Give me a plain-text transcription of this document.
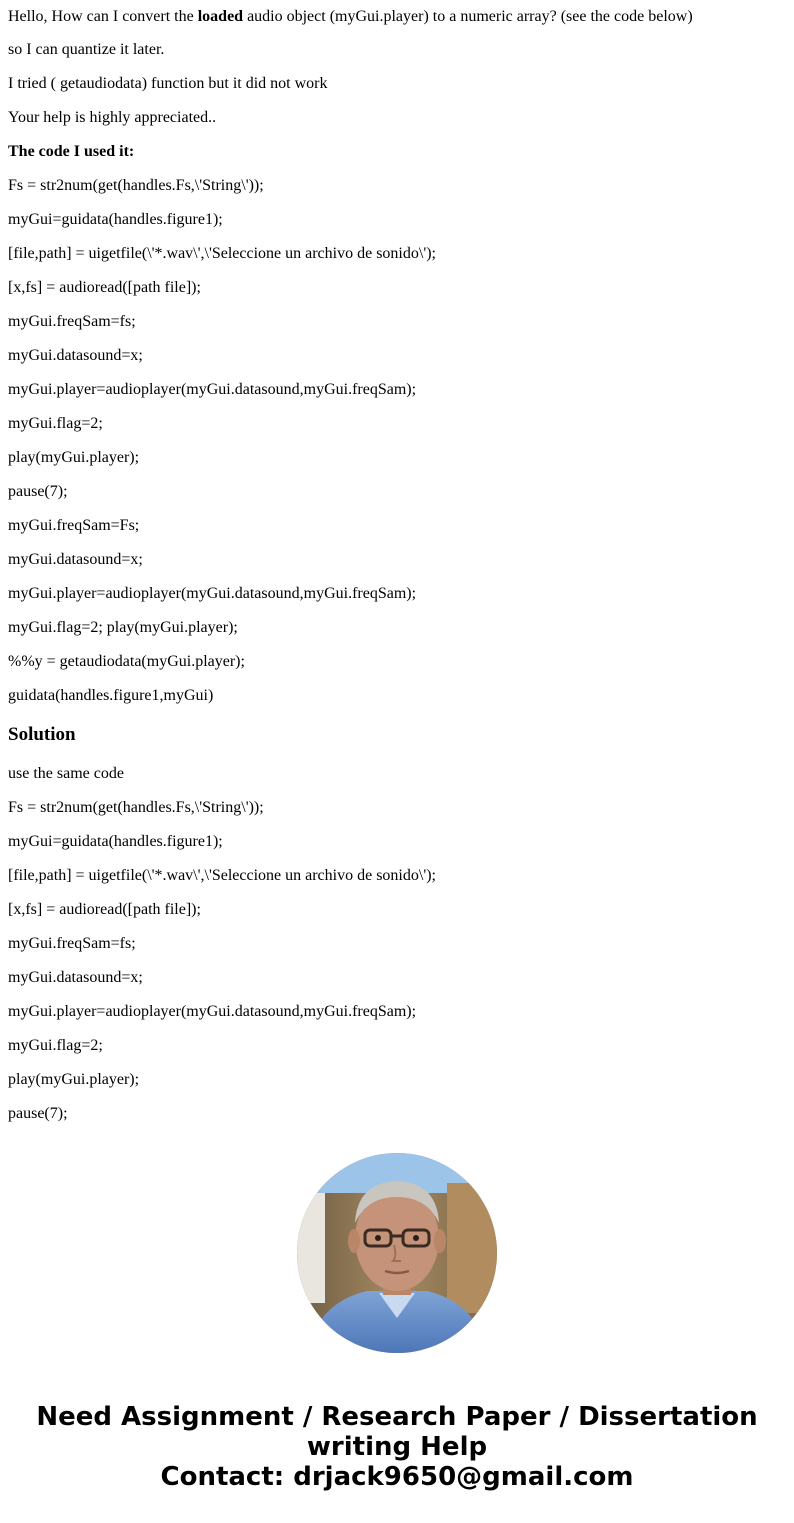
Hello, How can I convert the loaded audio object (myGui.player) to a numeric array? (see the code below)

so I can quantize it later.

I tried ( getaudiodata) function but it did not work

Your help is highly appreciated..

The code I used it:

Fs = str2num(get(handles.Fs,\'String\'));

myGui=guidata(handles.figure1);

[file,path] = uigetfile(\'*.wav\',\'Seleccione un archivo de sonido\');

[x,fs] = audioread([path file]);

myGui.freqSam=fs;

myGui.datasound=x;

myGui.player=audioplayer(myGui.datasound,myGui.freqSam);

myGui.flag=2;

play(myGui.player);

pause(7);

myGui.freqSam=Fs;

myGui.datasound=x;

myGui.player=audioplayer(myGui.datasound,myGui.freqSam);

myGui.flag=2; play(myGui.player);

%%y = getaudiodata(myGui.player);

guidata(handles.figure1,myGui)

Solution

use the same code

Fs = str2num(get(handles.Fs,\'String\'));

myGui=guidata(handles.figure1);

[file,path] = uigetfile(\'*.wav\',\'Seleccione un archivo de sonido\');

[x,fs] = audioread([path file]);

myGui.freqSam=fs;

myGui.datasound=x;

myGui.player=audioplayer(myGui.datasound,myGui.freqSam);

myGui.flag=2;

play(myGui.player);

pause(7);

Need Assignment / Research Paper / Dissertation
writing Help
Contact: drjack9650@gmail.com
